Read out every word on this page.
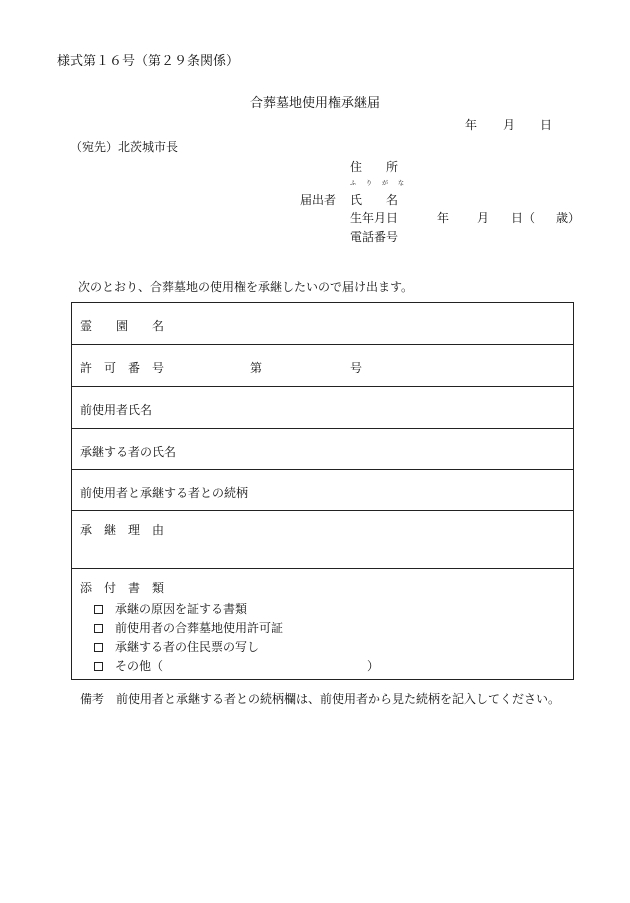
様式第１６号（第２９条関係）
合葬墓地使用権承継届
年 月 日
（宛先）北茨城市長
届出者
住　　所
ふ　り　が　な
氏　　名
生年月日	年 月 日（ 歳）
電話番号
次のとおり、合葬墓地の使用権を承継したいので届け出ます。
霊　　園　　名
許　可　番　号	第	号
前使用者氏名
承継する者の氏名
前使用者と承継する者との続柄
承　継　理　由
添　付　書　類
承継の原因を証する書類
前使用者の合葬墓地使用許可証
承継する者の住民票の写し
その他（　　　　　　　　　　　　　　　　　）
備考　前使用者と承継する者との続柄欄は、前使用者から見た続柄を記入してください。
